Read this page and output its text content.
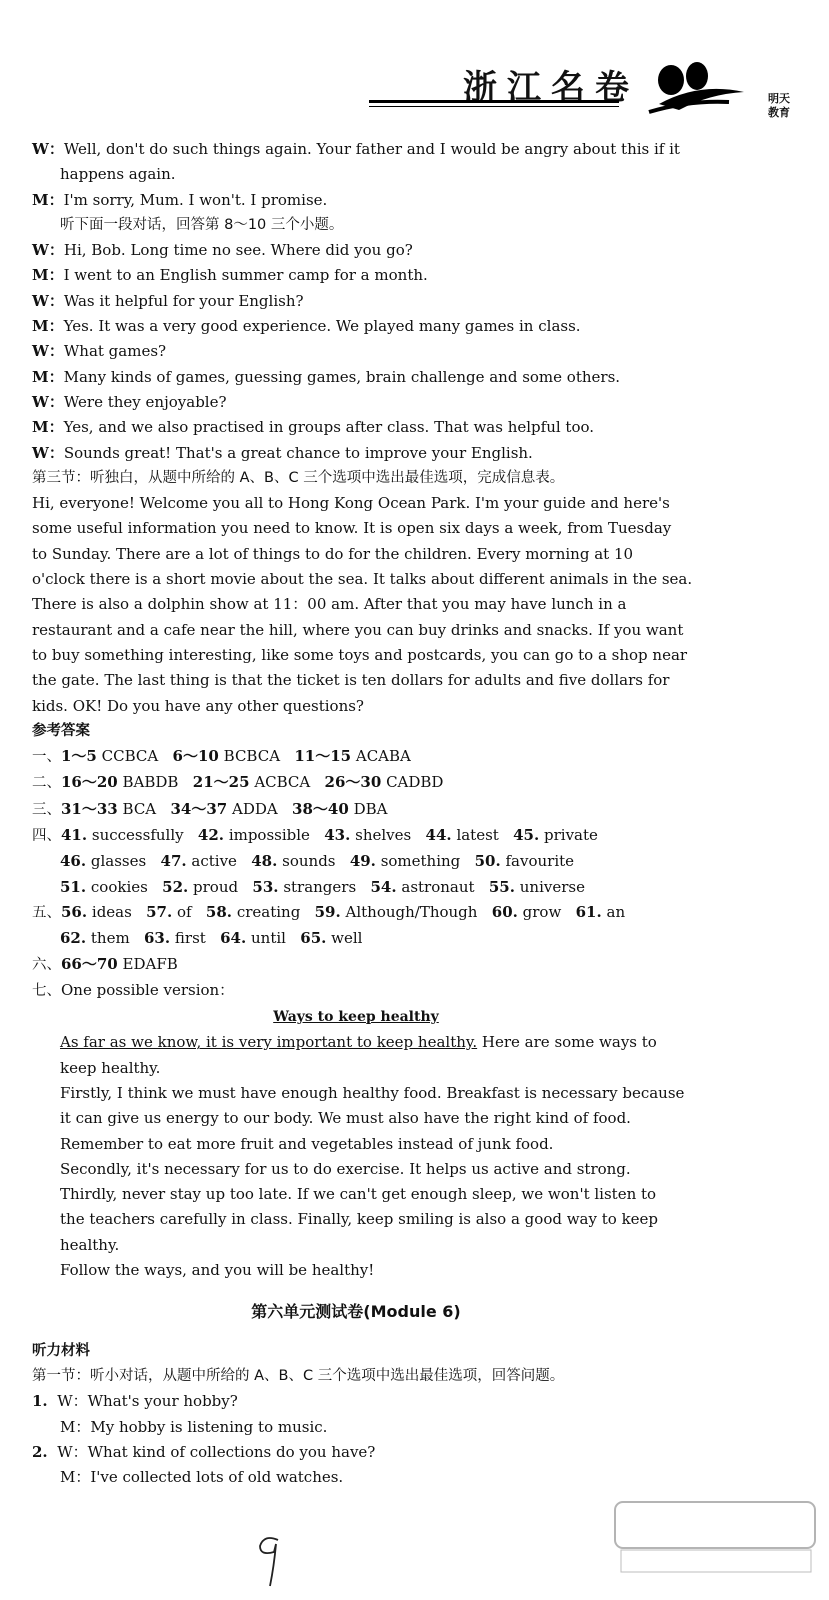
浙江名卷	明天
教育
W：Well, don't do such things again. Your father and I would be angry about this if it happens again.
M：I'm sorry, Mum. I won't. I promise.
听下面一段对话，回答第 8～10 三个小题。
W：Hi, Bob. Long time no see. Where did you go?
M：I went to an English summer camp for a month.
W：Was it helpful for your English?
M：Yes. It was a very good experience. We played many games in class.
W：What games?
M：Many kinds of games, guessing games, brain challenge and some others.
W：Were they enjoyable?
M：Yes, and we also practised in groups after class. That was helpful too.
W：Sounds great! That's a great chance to improve your English.
第三节：听独白，从题中所给的 A、B、C 三个选项中选出最佳选项，完成信息表。
Hi, everyone! Welcome you all to Hong Kong Ocean Park. I'm your guide and here's
some useful information you need to know. It is open six days a week, from Tuesday
to Sunday. There are a lot of things to do for the children. Every morning at 10
o'clock there is a short movie about the sea. It talks about different animals in the sea.
There is also a dolphin show at 11：00 am. After that you may have lunch in a
restaurant and a cafe near the hill, where you can buy drinks and snacks. If you want
to buy something interesting, like some toys and postcards, you can go to a shop near
the gate. The last thing is that the ticket is ten dollars for adults and five dollars for
kids. OK! Do you have any other questions?
参考答案
一、1～5 CCBCA 6～10 BCBCA 11～15 ACABA
二、16～20 BABDB 21～25 ACBCA 26～30 CADBD
三、31～33 BCA 34～37 ADDA 38～40 DBA
四、41. successfully 42. impossible 43. shelves 44. latest 45. private
46. glasses 47. active 48. sounds 49. something 50. favourite
51. cookies 52. proud 53. strangers 54. astronaut 55. universe
五、56. ideas 57. of 58. creating 59. Although/Though 60. grow 61. an
62. them 63. first 64. until 65. well
六、66～70 EDAFB
七、One possible version：
Ways to keep healthy
As far as we know, it is very important to keep healthy. Here are some ways to
keep healthy.
Firstly, I think we must have enough healthy food. Breakfast is necessary because
it can give us energy to our body. We must also have the right kind of food.
Remember to eat more fruit and vegetables instead of junk food.
Secondly, it's necessary for us to do exercise. It helps us active and strong.
Thirdly, never stay up too late. If we can't get enough sleep, we won't listen to
the teachers carefully in class. Finally, keep smiling is also a good way to keep
healthy.
Follow the ways, and you will be healthy!
第六单元测试卷(Module 6)
听力材料
第一节：听小对话，从题中所给的 A、B、C 三个选项中选出最佳选项，回答问题。
1. W：What's your hobby?
M：My hobby is listening to music.
2. W：What kind of collections do you have?
M：I've collected lots of old watches.
